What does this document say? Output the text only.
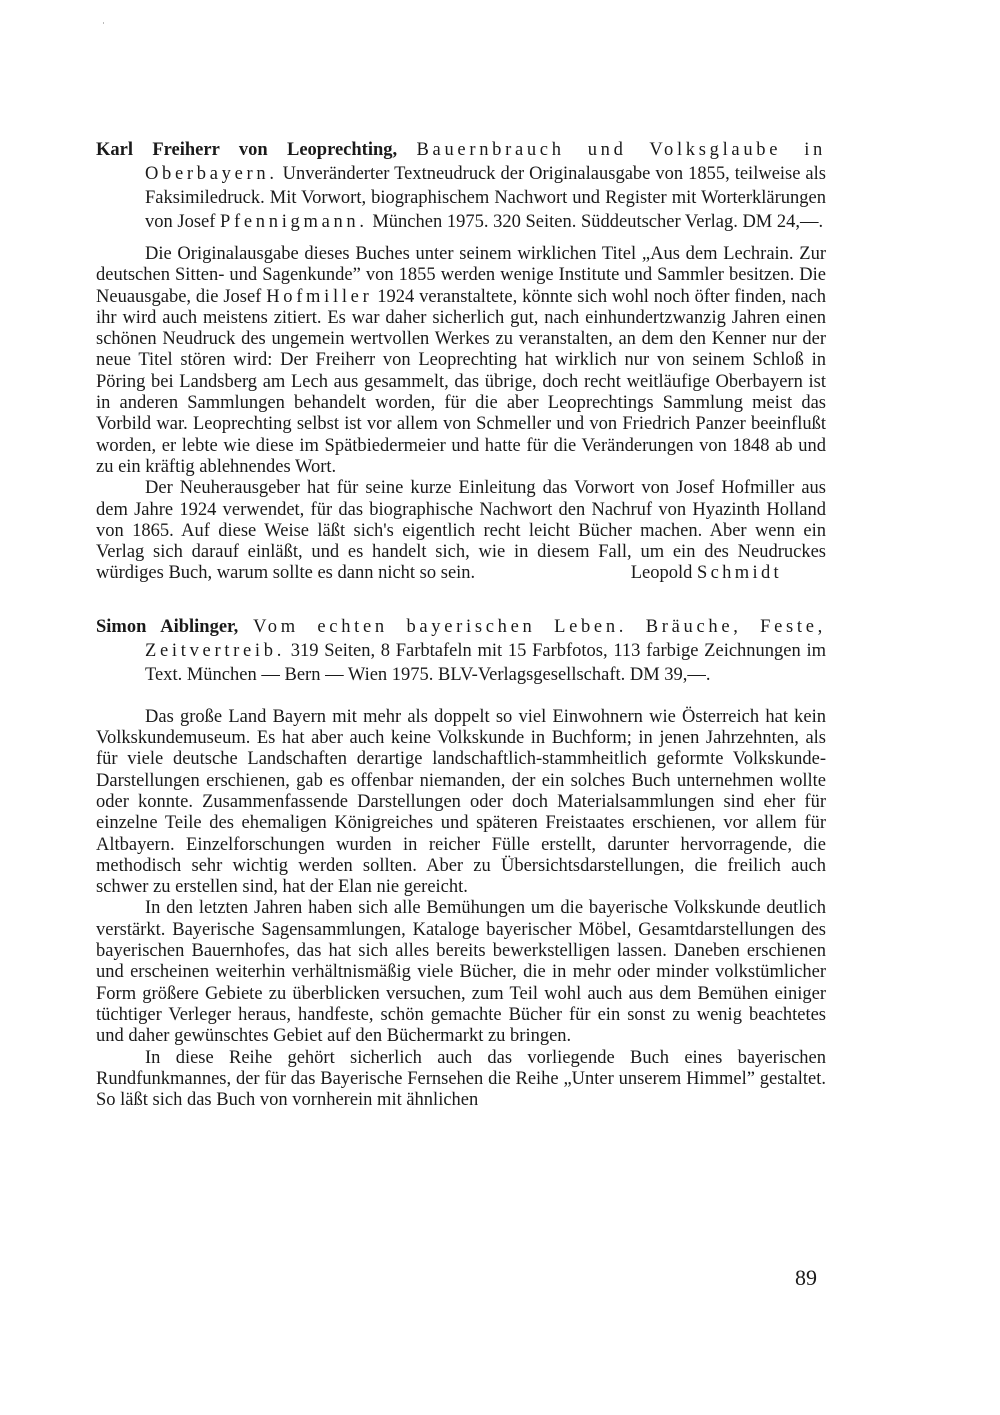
Karl Freiherr von Leoprechting, Bauernbrauch und Volksglaube in Oberbayern. Unveränderter Textneudruck der Originalausgabe von 1855, teilweise als Faksimiledruck. Mit Vorwort, biographischem Nachwort und Register mit Worterklärungen von Josef Pfennigmann. München 1975. 320 Seiten. Süddeutscher Verlag. DM 24,—.

Die Originalausgabe dieses Buches unter seinem wirklichen Titel „Aus dem Lechrain. Zur deutschen Sitten- und Sagenkunde” von 1855 werden wenige Institute und Sammler besitzen. Die Neuausgabe, die Josef Hofmiller 1924 veranstaltete, könnte sich wohl noch öfter finden, nach ihr wird auch meistens zitiert. Es war daher sicherlich gut, nach einhundertzwanzig Jahren einen schönen Neudruck des ungemein wertvollen Werkes zu veranstalten, an dem den Kenner nur der neue Titel stören wird: Der Freiherr von Leoprechting hat wirklich nur von seinem Schloß in Pöring bei Landsberg am Lech aus gesammelt, das übrige, doch recht weitläufige Oberbayern ist in anderen Sammlungen behandelt worden, für die aber Leoprechtings Sammlung meist das Vorbild war. Leoprechting selbst ist vor allem von Schmeller und von Friedrich Panzer beeinflußt worden, er lebte wie diese im Spätbiedermeier und hatte für die Veränderungen von 1848 ab und zu ein kräftig ablehnendes Wort.

Der Neuherausgeber hat für seine kurze Einleitung das Vorwort von Josef Hofmiller aus dem Jahre 1924 verwendet, für das biographische Nachwort den Nachruf von Hyazinth Holland von 1865. Auf diese Weise läßt sich's eigentlich recht leicht Bücher machen. Aber wenn ein Verlag sich darauf einläßt, und es handelt sich, wie in diesem Fall, um ein des Neudruckes würdiges Buch, warum sollte es dann nicht so sein.	Leopold Schmidt

Simon Aiblinger, Vom echten bayerischen Leben. Bräuche, Feste, Zeitvertreib. 319 Seiten, 8 Farbtafeln mit 15 Farbfotos, 113 farbige Zeichnungen im Text. München — Bern — Wien 1975. BLV-Verlagsgesellschaft. DM 39,—.

Das große Land Bayern mit mehr als doppelt so viel Einwohnern wie Österreich hat kein Volkskundemuseum. Es hat aber auch keine Volkskunde in Buchform; in jenen Jahrzehnten, als für viele deutsche Landschaften derartige landschaftlich-stammheitlich geformte Volkskunde-Darstellungen erschienen, gab es offenbar niemanden, der ein solches Buch unternehmen wollte oder konnte. Zusammenfassende Darstellungen oder doch Materialsammlungen sind eher für einzelne Teile des ehemaligen Königreiches und späteren Freistaates erschienen, vor allem für Altbayern. Einzelforschungen wurden in reicher Fülle erstellt, darunter hervorragende, die methodisch sehr wichtig werden sollten. Aber zu Übersichtsdarstellungen, die freilich auch schwer zu erstellen sind, hat der Elan nie gereicht.

In den letzten Jahren haben sich alle Bemühungen um die bayerische Volkskunde deutlich verstärkt. Bayerische Sagensammlungen, Kataloge bayerischer Möbel, Gesamtdarstellungen des bayerischen Bauernhofes, das hat sich alles bereits bewerkstelligen lassen. Daneben erschienen und erscheinen weiterhin verhältnismäßig viele Bücher, die in mehr oder minder volkstümlicher Form größere Gebiete zu überblicken versuchen, zum Teil wohl auch aus dem Bemühen einiger tüchtiger Verleger heraus, handfeste, schön gemachte Bücher für ein sonst zu wenig beachtetes und daher gewünschtes Gebiet auf den Büchermarkt zu bringen.

In diese Reihe gehört sicherlich auch das vorliegende Buch eines bayerischen Rundfunkmannes, der für das Bayerische Fernsehen die Reihe „Unter unserem Himmel” gestaltet. So läßt sich das Buch von vornherein mit ähnlichen

89
